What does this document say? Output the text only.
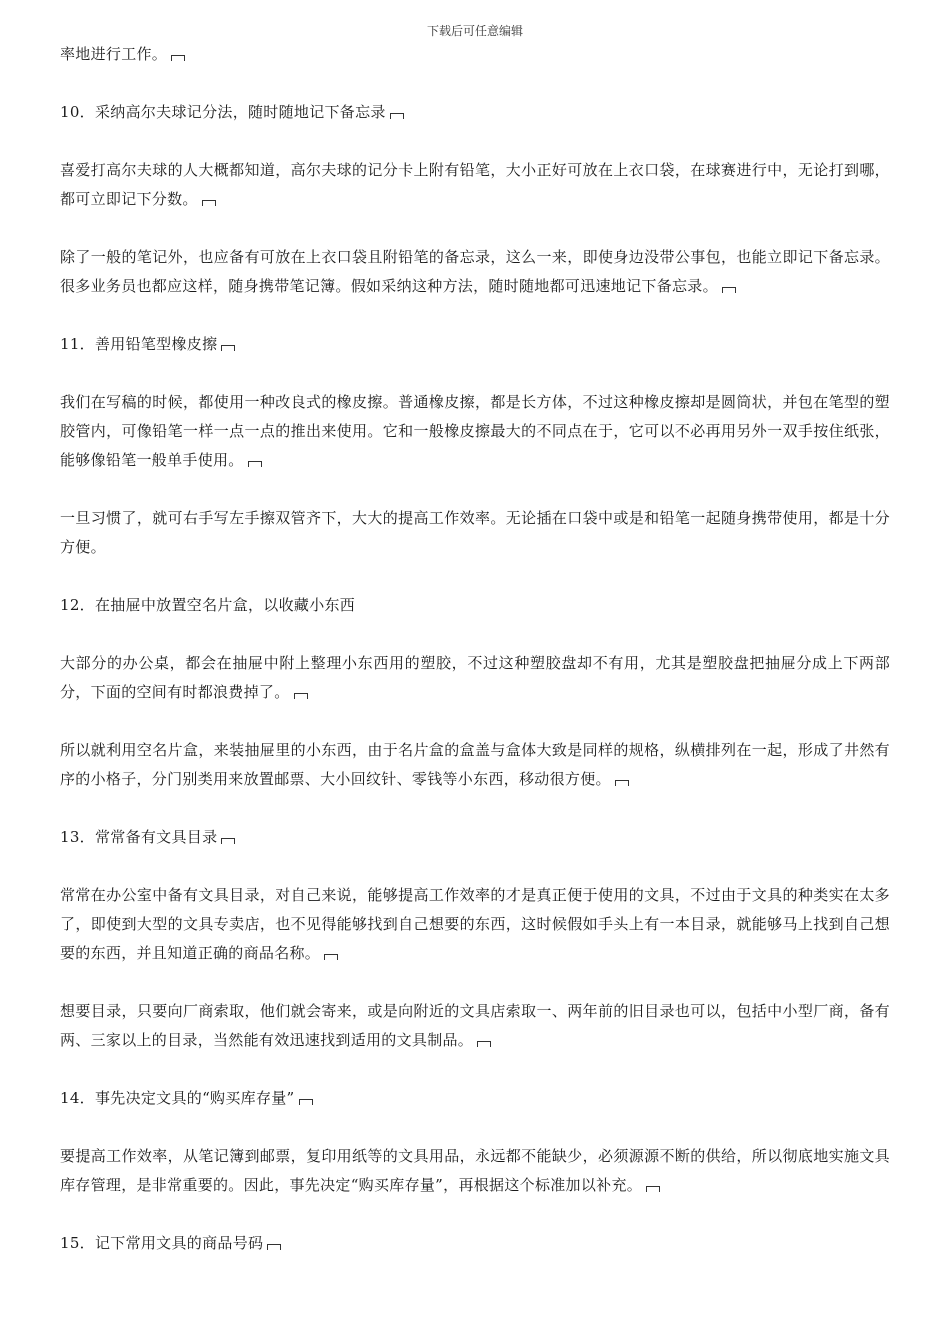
下载后可任意编辑

率地进行工作。

10．采纳高尔夫球记分法，随时随地记下备忘录

喜爱打高尔夫球的人大概都知道，高尔夫球的记分卡上附有铅笔，大小正好可放在上衣口袋，在球赛进行中，无论打到哪，都可立即记下分数。

除了一般的笔记外，也应备有可放在上衣口袋且附铅笔的备忘录，这么一来，即使身边没带公事包，也能立即记下备忘录。很多业务员也都应这样，随身携带笔记簿。假如采纳这种方法，随时随地都可迅速地记下备忘录。

11．善用铅笔型橡皮擦

我们在写稿的时候，都使用一种改良式的橡皮擦。普通橡皮擦，都是长方体，不过这种橡皮擦却是圆筒状，并包在笔型的塑胶管内，可像铅笔一样一点一点的推出来使用。它和一般橡皮擦最大的不同点在于，它可以不必再用另外一双手按住纸张，能够像铅笔一般单手使用。

一旦习惯了，就可右手写左手擦双管齐下，大大的提高工作效率。无论插在口袋中或是和铅笔一起随身携带使用，都是十分方便。

12．在抽屉中放置空名片盒，以收藏小东西

大部分的办公桌，都会在抽屉中附上整理小东西用的塑胶，不过这种塑胶盘却不有用，尤其是塑胶盘把抽屉分成上下两部分，下面的空间有时都浪费掉了。

所以就利用空名片盒，来装抽屉里的小东西，由于名片盒的盒盖与盒体大致是同样的规格，纵横排列在一起，形成了井然有序的小格子，分门别类用来放置邮票、大小回纹针、零钱等小东西，移动很方便。

13．常常备有文具目录

常常在办公室中备有文具目录，对自己来说，能够提高工作效率的才是真正便于使用的文具，不过由于文具的种类实在太多了，即使到大型的文具专卖店，也不见得能够找到自己想要的东西，这时候假如手头上有一本目录，就能够马上找到自己想要的东西，并且知道正确的商品名称。

想要目录，只要向厂商索取，他们就会寄来，或是向附近的文具店索取一、两年前的旧目录也可以，包括中小型厂商，备有两、三家以上的目录，当然能有效迅速找到适用的文具制品。

14．事先决定文具的“购买库存量”

要提高工作效率，从笔记簿到邮票，复印用纸等的文具用品，永远都不能缺少，必须源源不断的供给，所以彻底地实施文具库存管理，是非常重要的。因此，事先决定“购买库存量”，再根据这个标准加以补充。

15．记下常用文具的商品号码
